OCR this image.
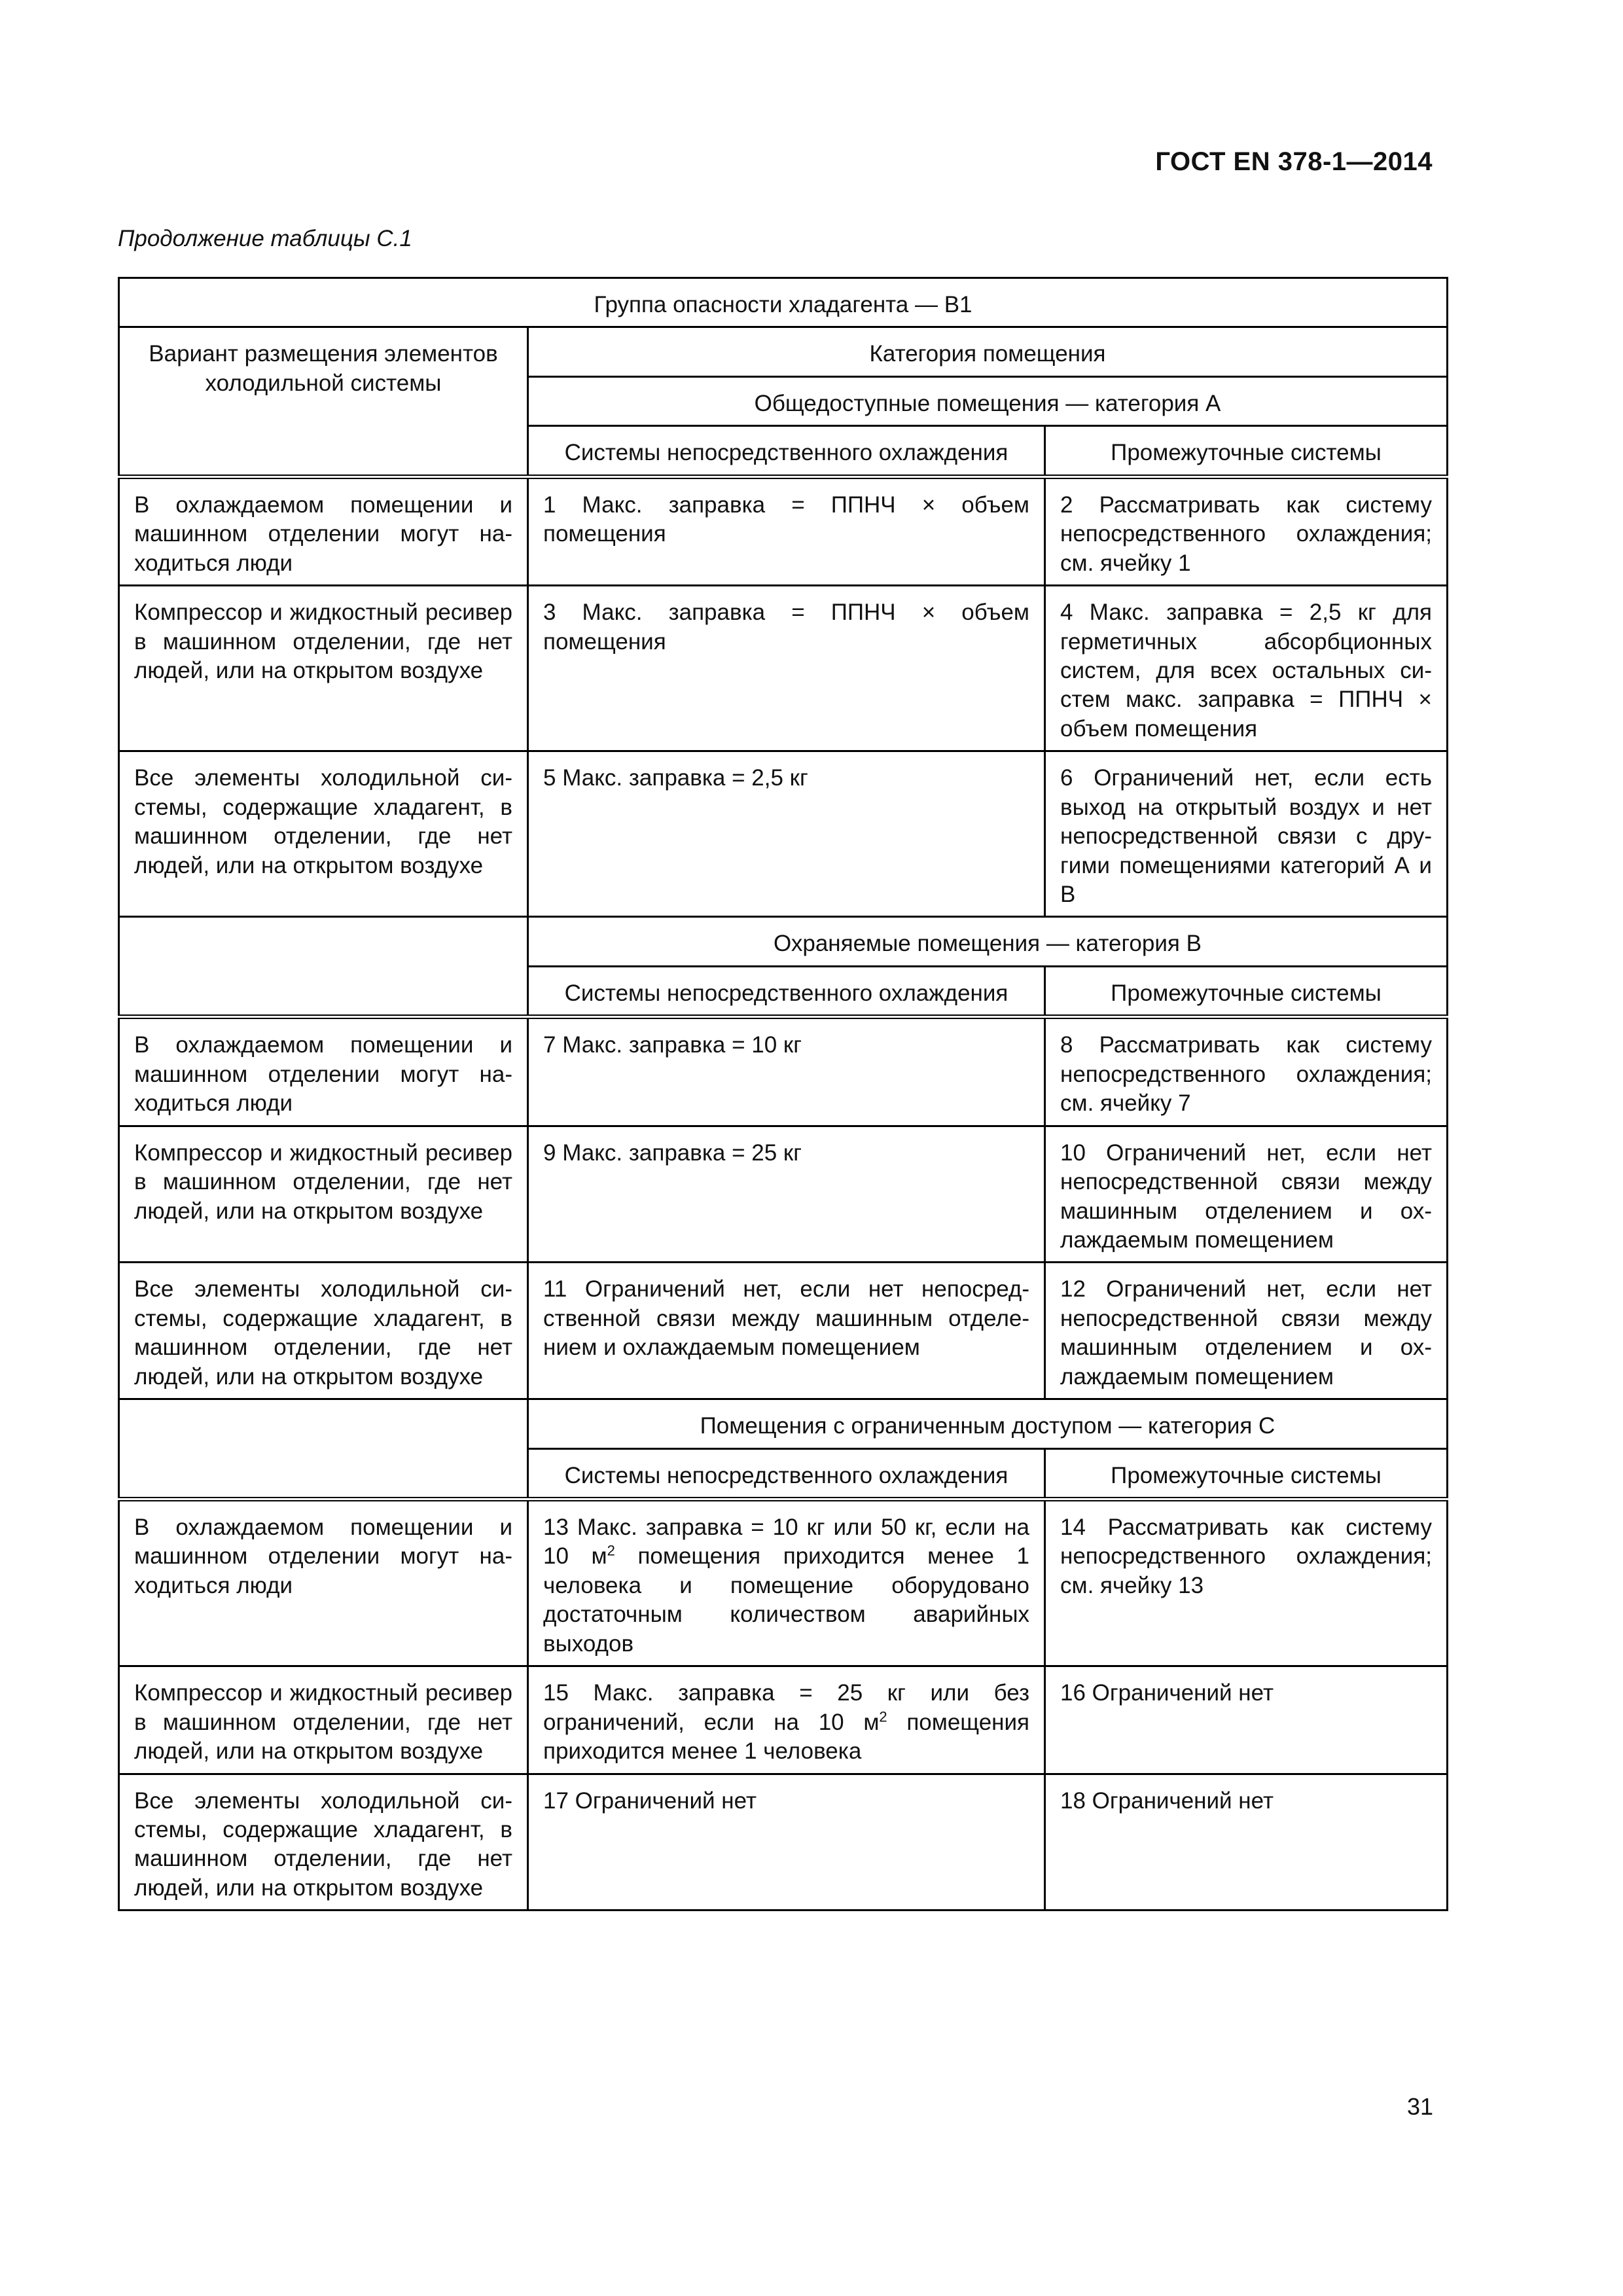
ГОСТ EN 378-1—2014
Продолжение таблицы С.1
Группа опасности хладагента — B1		
Вариант размещения элементов холодильной системы	Категория помещения	
	Общедоступные помещения — категория А	
	Системы непосредственного охлаждения	Промежуточные системы
В охлаждаемом помещении и машинном отделении могут находиться люди	1 Макс. заправка = ППНЧ × объем помещения	2 Рассматривать как систему непосредственного охлаждения; см. ячейку 1
Компрессор и жидкостный ресивер в машинном отделении, где нет людей, или на открытом воздухе	3 Макс. заправка = ППНЧ × объем помещения	4 Макс. заправка = 2,5 кг для герметичных абсорбционных систем, для всех остальных систем макс. заправка = ППНЧ × объем помещения
Все элементы холодильной системы, содержащие хладагент, в машинном отделении, где нет людей, или на открытом воздухе	5 Макс. заправка = 2,5 кг	6 Ограничений нет, если есть выход на открытый воздух и нет непосредственной связи с другими помещениями категорий А и В
	Охраняемые помещения — категория В	
	Системы непосредственного охлаждения	Промежуточные системы
В охлаждаемом помещении и машинном отделении могут находиться люди	7 Макс. заправка = 10 кг	8 Рассматривать как систему непосредственного охлаждения; см. ячейку 7
Компрессор и жидкостный ресивер в машинном отделении, где нет людей, или на открытом воздухе	9 Макс. заправка = 25 кг	10 Ограничений нет, если нет непосредственной связи между машинным отделением и охлаждаемым помещением
Все элементы холодильной системы, содержащие хладагент, в машинном отделении, где нет людей, или на открытом воздухе	11 Ограничений нет, если нет непосредственной связи между машинным отделением и охлаждаемым помещением	12 Ограничений нет, если нет непосредственной связи между машинным отделением и охлаждаемым помещением
	Помещения с ограниченным доступом — категория С	
	Системы непосредственного охлаждения	Промежуточные системы
В охлаждаемом помещении и машинном отделении могут находиться люди	13 Макс. заправка = 10 кг или 50 кг, если на 10 $м^2$ помещения приходится менее 1 человека и помещение оборудовано достаточным количеством аварийных выходов	14 Рассматривать как систему непосредственного охлаждения; см. ячейку 13
Компрессор и жидкостный ресивер в машинном отделении, где нет людей, или на открытом воздухе	15 Макс. заправка = 25 кг или без ограничений, если на 10 $м^2$ помещения приходится менее 1 человека	16 Ограничений нет
Все элементы холодильной системы, содержащие хладагент, в машинном отделении, где нет людей, или на открытом воздухе	17 Ограничений нет	18 Ограничений нет
31
